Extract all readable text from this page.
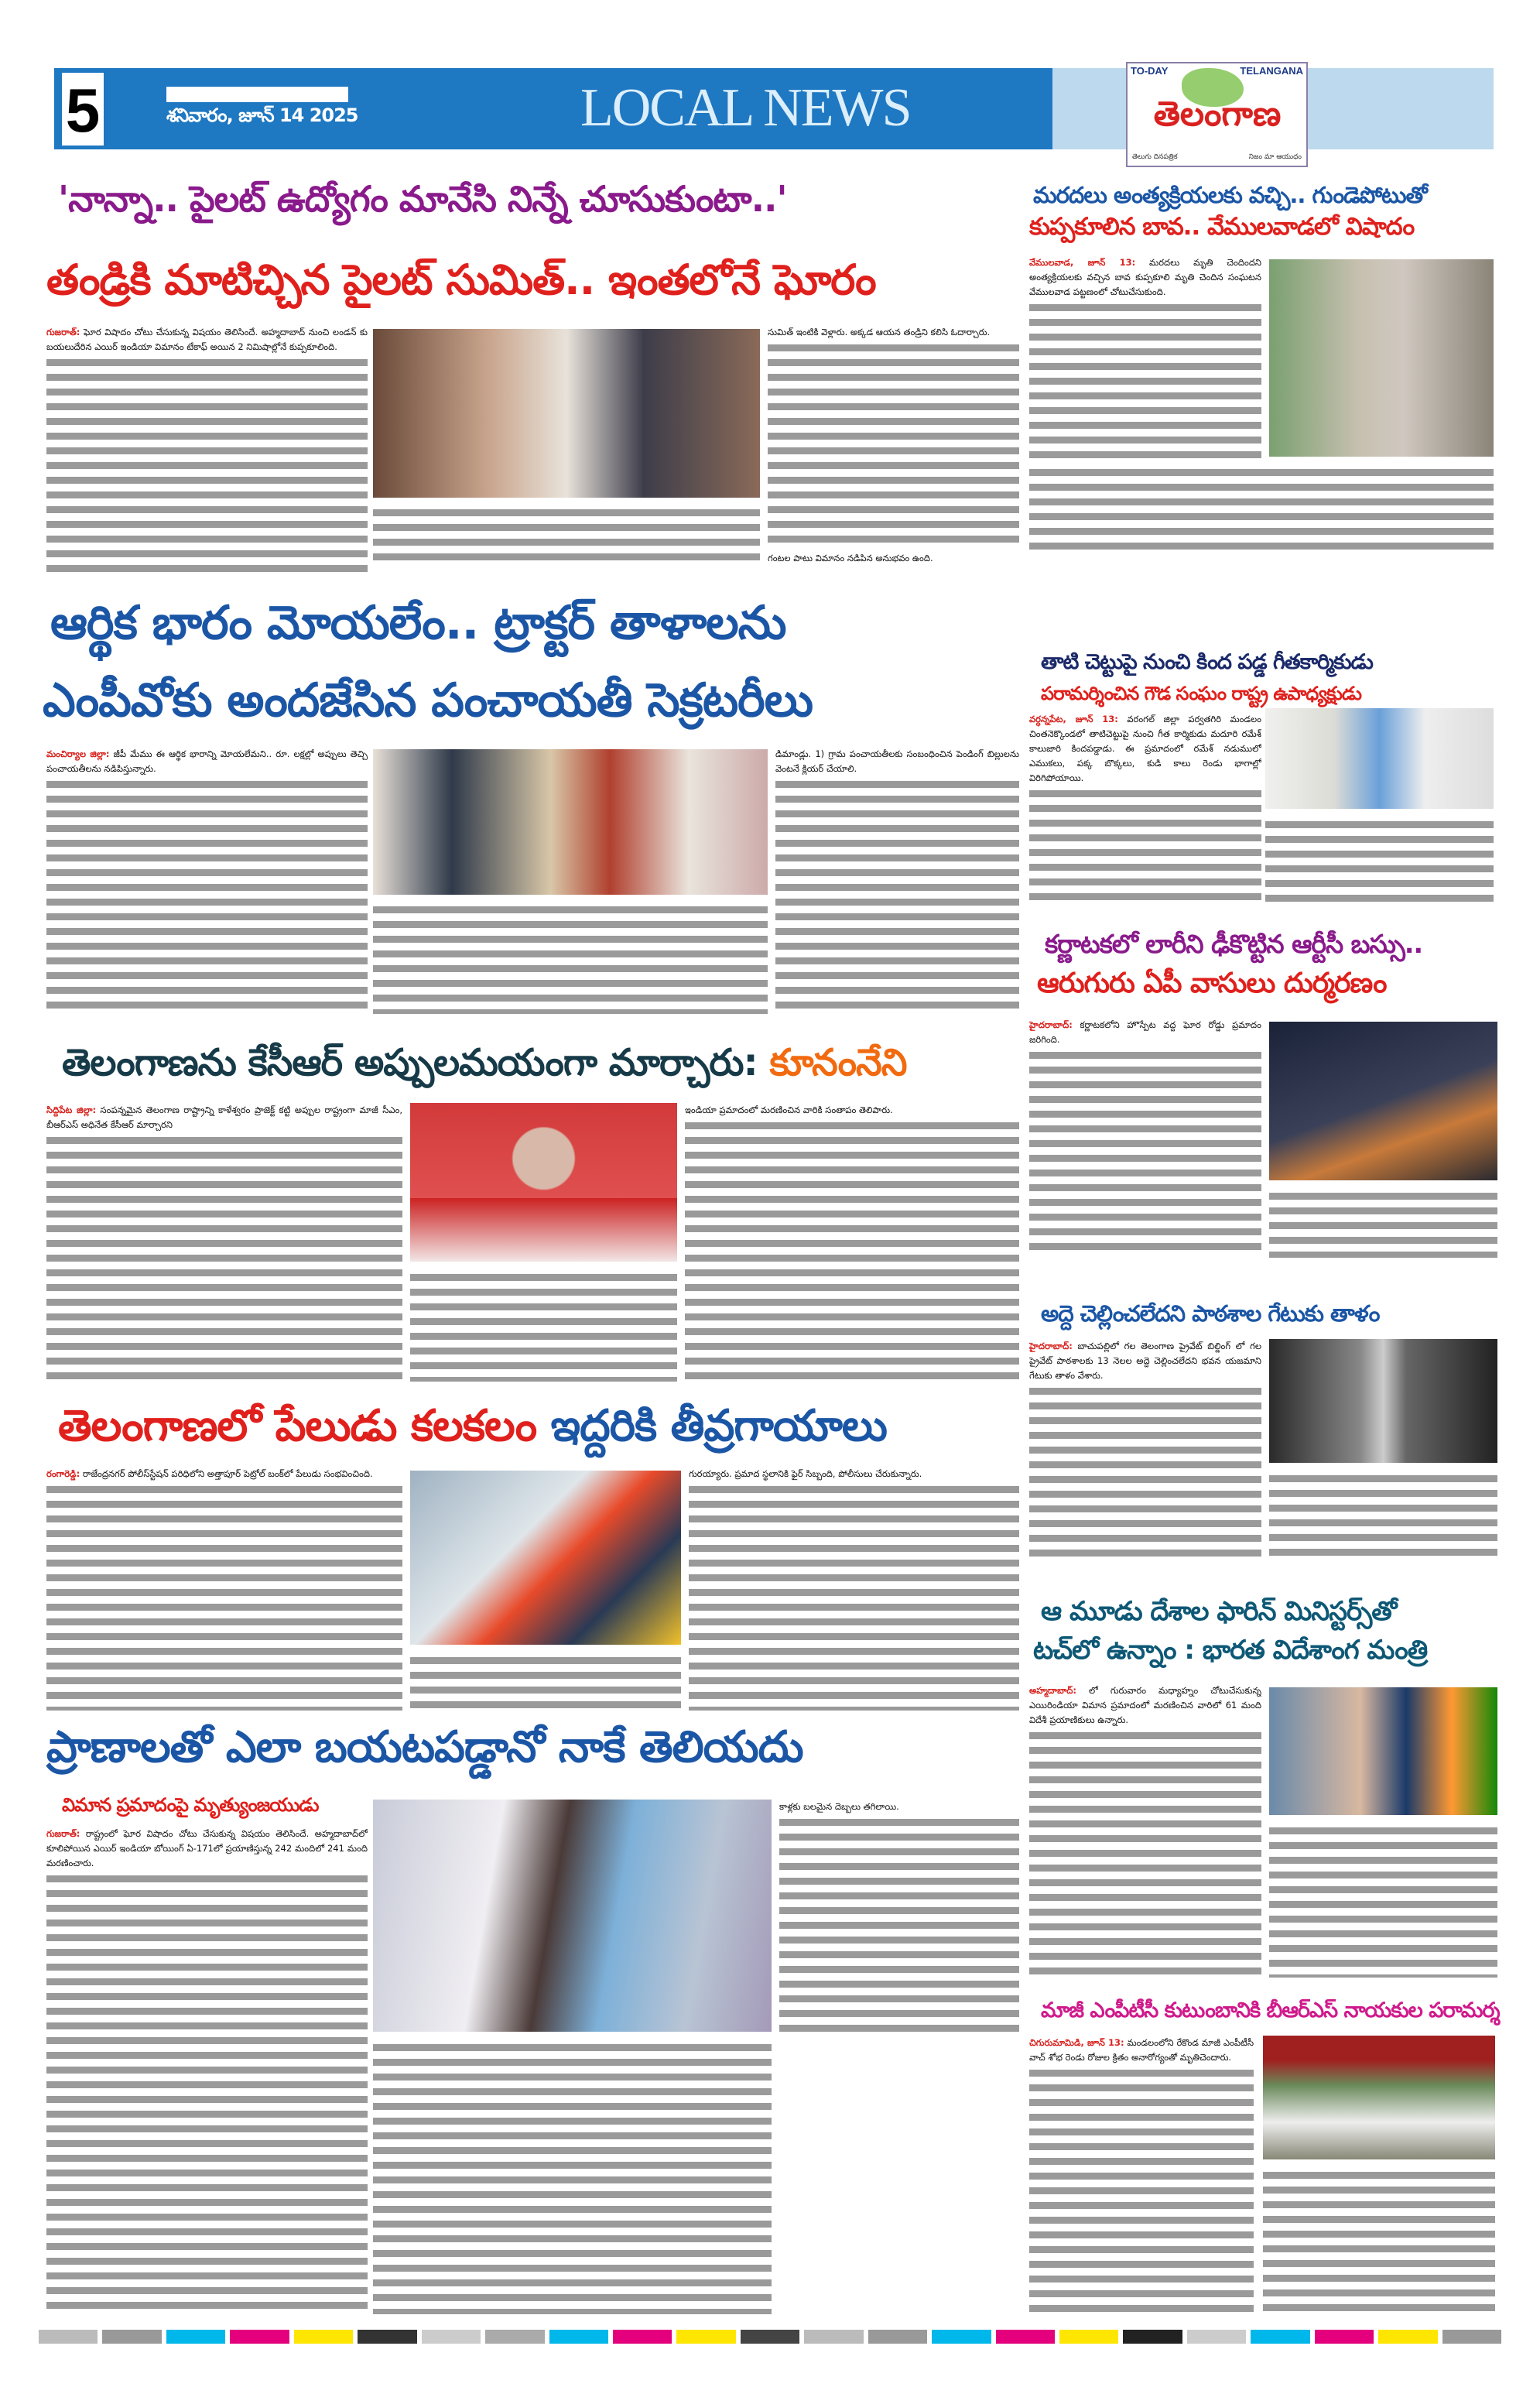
5	శనివారం, జూన్ 14 2025	LOCAL NEWS
TO-DAY	TELANGANA
తెలంగాణ
తెలుగు దినపత్రిక	నిజం మా ఆయుధం
'నాన్నా.. పైలట్ ఉద్యోగం మానేసి నిన్నే చూసుకుంటా..'
తండ్రికి మాటిచ్చిన పైలట్ సుమిత్.. ఇంతలోనే ఘోరం
గుజరాత్: ఘోర విషాదం చోటు చేసుకున్న విషయం తెలిసిందే. అహ్మదాబాద్ నుంచి లండన్ కు బయలుదేరిన ఎయిర్ ఇండియా విమానం టేకాఫ్ అయిన 2 నిమిషాల్లోనే కుప్పకూలింది.
సుమిత్ ఇంటికి వెళ్లారు. అక్కడ ఆయన తండ్రిని కలిసి ఓదార్చారు.
గంటల పాటు విమానం నడిపిన అనుభవం ఉంది.
ఆర్థిక భారం మోయలేం.. ట్రాక్టర్ తాళాలను
ఎంపీవోకు అందజేసిన పంచాయతీ సెక్రటరీలు
మంచిర్యాల జిల్లా: జీపీ మేము ఈ ఆర్థిక భారాన్ని మోయలేమని.. రూ. లక్షల్లో అప్పులు తెచ్చి పంచాయతీలను నడిపిస్తున్నారు.
డిమాండ్లు. 1) గ్రామ పంచాయతీలకు సంబంధించిన పెండింగ్ బిల్లులను వెంటనే క్లియర్ చేయాలి.
తెలంగాణను కేసీఆర్ అప్పులమయంగా మార్చారు: కూనంనేని
సిద్దిపేట జిల్లా: సంపన్నమైన తెలంగాణ రాష్ట్రాన్ని కాళేశ్వరం ప్రాజెక్ట్ కట్టి అప్పుల రాష్ట్రంగా మాజీ సీఎం, బీఆర్ఎస్ అధినేత కేసీఆర్ మార్చారని
ఇండియా ప్రమాదంలో మరణించిన వారికి సంతాపం తెలిపారు.
తెలంగాణలో పేలుడు కలకలం ఇద్దరికి తీవ్రగాయాలు
రంగారెడ్డి: రాజేంద్రనగర్ పోలీస్‌స్టేషన్ పరిధిలోని అత్తాపూర్ పెట్రోల్ బంక్‌లో పేలుడు సంభవించింది.	గురయ్యారు. ప్రమాద స్థలానికి ఫైర్ సిబ్బంది, పోలీసులు చేరుకున్నారు.
ప్రాణాలతో ఎలా బయటపడ్డానో నాకే తెలియదు
విమాన ప్రమాదంపై మృత్యుంజయుడు
గుజరాత్: రాష్ట్రంలో ఘోర విషాదం చోటు చేసుకున్న విషయం తెలిసిందే. అహ్మదాబాద్‌లో కూలిపోయిన ఎయిర్ ఇండియా బోయింగ్ ఏ-171లో ప్రయాణిస్తున్న 242 మందిలో 241 మంది మరణించారు.
కాళ్లకు బలమైన దెబ్బలు తగిలాయి.
మరదలు అంత్యక్రియలకు వచ్చి.. గుండెపోటుతో
కుప్పకూలిన బావ.. వేములవాడలో విషాదం
వేములవాడ, జూన్ 13: మరదలు మృతి చెందిందని అంత్యక్రియలకు వచ్చిన బావ కుప్పకూలి మృతి చెందిన సంఘటన వేములవాడ పట్టణంలో చోటుచేసుకుంది.
తాటి చెట్టుపై నుంచి కింద పడ్డ గీతకార్మికుడు
పరామర్శించిన గౌడ సంఘం రాష్ట్ర ఉపాధ్యక్షుడు
వర్ధన్నపేట, జూన్ 13: వరంగల్ జిల్లా పర్వతగిరి మండలం చింతనెక్కొండలో తాటిచెట్టుపై నుంచి గీత కార్మికుడు మదూరి రమేశ్ కాలుజారి కిందపడ్డాడు. ఈ ప్రమాదంలో రమేశ్ నడుములో ఎముకలు, పక్క బొక్కలు, కుడి కాలు రెండు భాగాల్లో విరిగిపోయాయి.
కర్ణాటకలో లారీని ఢీకొట్టిన ఆర్టీసీ బస్సు..
ఆరుగురు ఏపీ వాసులు దుర్మరణం
హైదరాబాద్: కర్ణాటకలోని హొస్పేట వద్ద ఘోర రోడ్డు ప్రమాదం జరిగింది.
అద్దె చెల్లించలేదని పాఠశాల గేటుకు తాళం
హైదరాబాద్: బాచుపల్లిలో గల తెలంగాణ ప్రైవేట్ బిల్డింగ్ లో గల ప్రైవేట్ పాఠశాలకు 13 నెలల అద్దె చెల్లించలేదని భవన యజమాని గేటుకు తాళం వేశారు.
ఆ మూడు దేశాల ఫారిన్ మినిస్టర్స్‌తో
టచ్‌లో ఉన్నాం : భారత విదేశాంగ మంత్రి
అహ్మదాబాద్: లో గురువారం మధ్యాహ్నం చోటుచేసుకున్న ఎయిరిండియా విమాన ప్రమాదంలో మరణించిన వారిలో 61 మంది విదేశీ ప్రయాణికులు ఉన్నారు.
మాజీ ఎంపీటీసీ కుటుంబానికి బీఆర్ఎస్ నాయకుల పరామర్శ
చిగురుమామిడి, జూన్ 13: మండలంలోని రేకొండ మాజీ ఎంపీటీసీ వాచ్ శోభ రెండు రోజుల క్రితం అనారోగ్యంతో మృతిచెందారు.
